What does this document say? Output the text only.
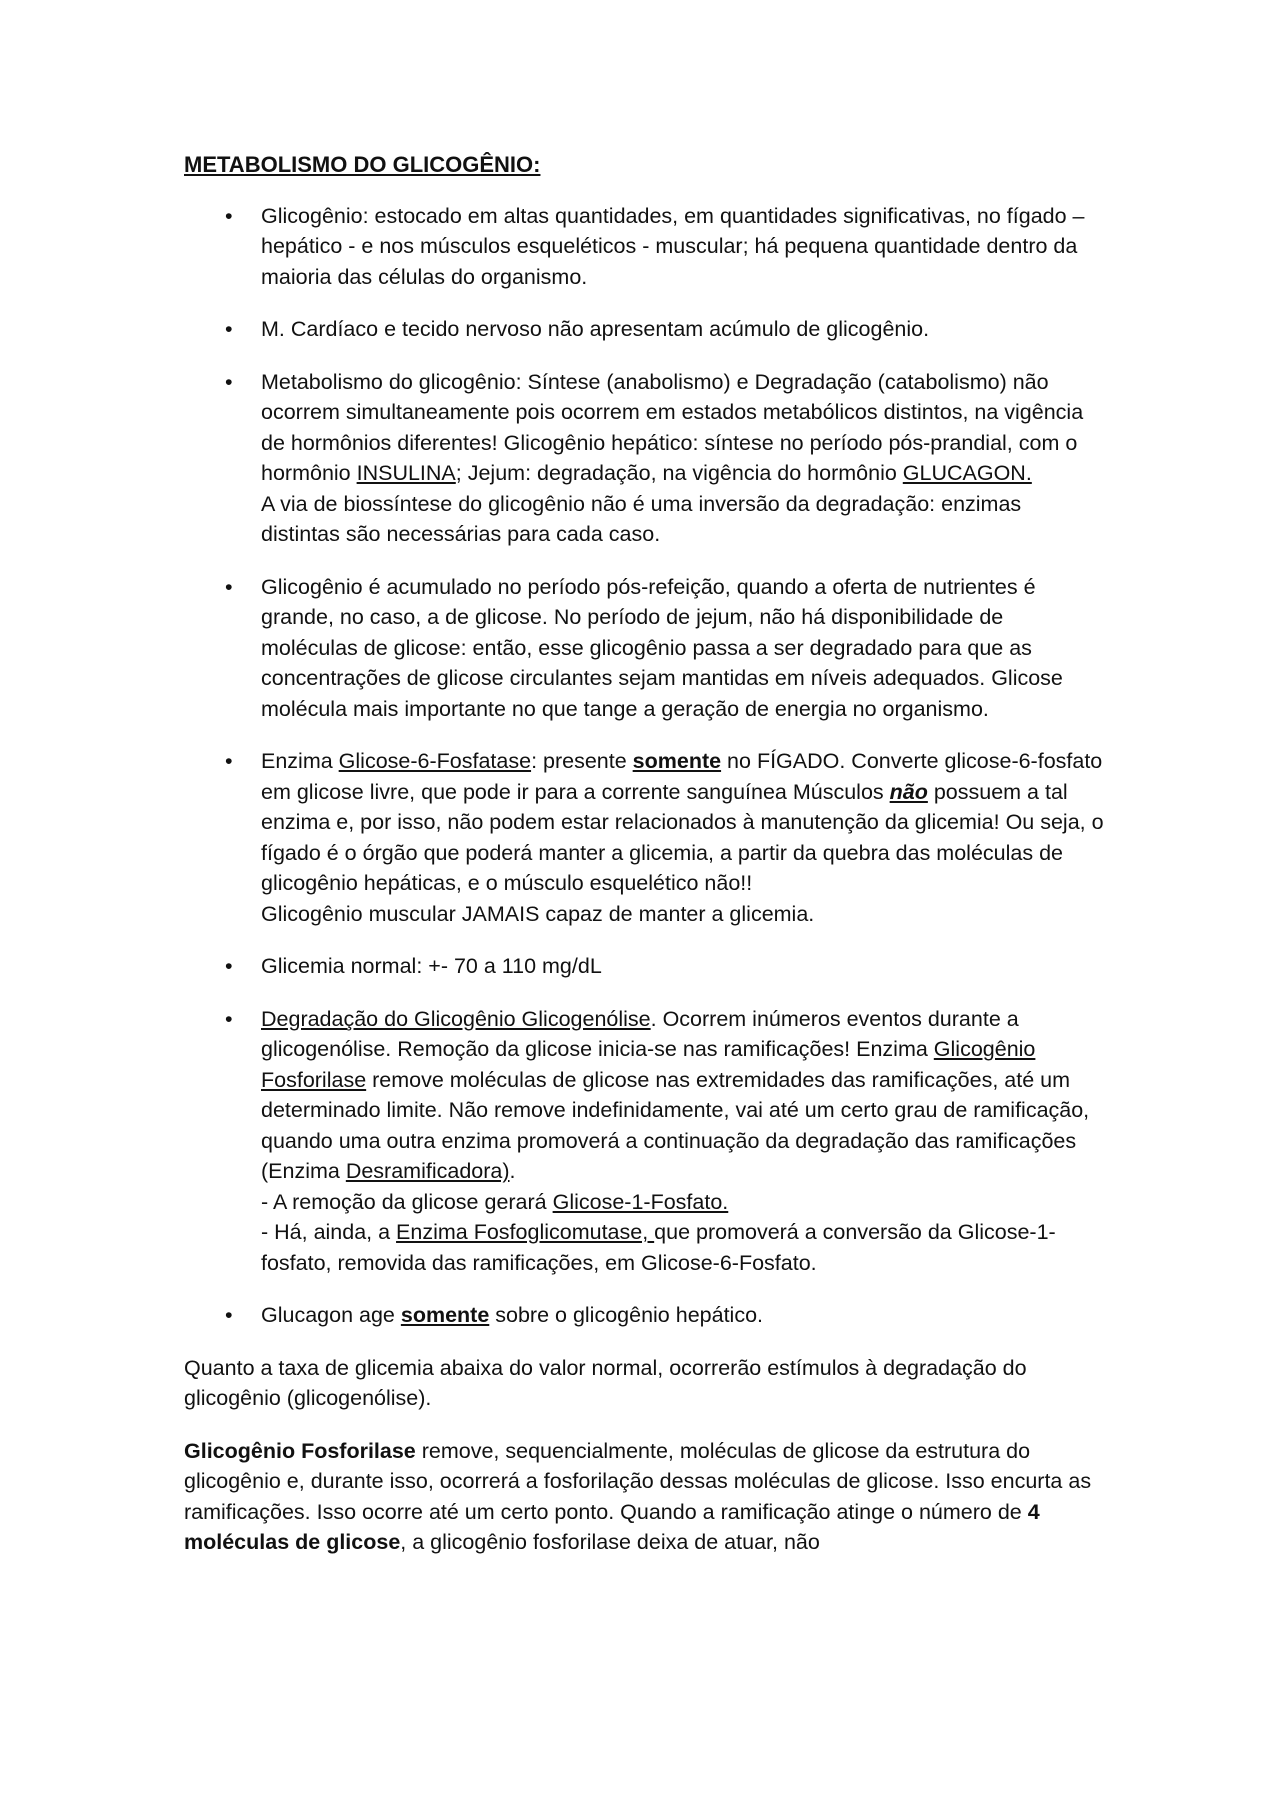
METABOLISMO DO GLICOGÊNIO:
• Glicogênio: estocado em altas quantidades, em quantidades significativas, no fígado – hepático - e nos músculos esqueléticos - muscular; há pequena quantidade dentro da maioria das células do organismo.
• M. Cardíaco e tecido nervoso não apresentam acúmulo de glicogênio.
• Metabolismo do glicogênio: Síntese (anabolismo) e Degradação (catabolismo) não ocorrem simultaneamente pois ocorrem em estados metabólicos distintos, na vigência de hormônios diferentes! Glicogênio hepático: síntese no período pós-prandial, com o hormônio INSULINA; Jejum: degradação, na vigência do hormônio GLUCAGON.
A via de biossíntese do glicogênio não é uma inversão da degradação: enzimas distintas são necessárias para cada caso.
• Glicogênio é acumulado no período pós-refeição, quando a oferta de nutrientes é grande, no caso, a de glicose. No período de jejum, não há disponibilidade de moléculas de glicose: então, esse glicogênio passa a ser degradado para que as concentrações de glicose circulantes sejam mantidas em níveis adequados. Glicose molécula mais importante no que tange a geração de energia no organismo.
• Enzima Glicose-6-Fosfatase: presente somente no FÍGADO. Converte glicose-6-fosfato em glicose livre, que pode ir para a corrente sanguínea Músculos não possuem a tal enzima e, por isso, não podem estar relacionados à manutenção da glicemia! Ou seja, o fígado é o órgão que poderá manter a glicemia, a partir da quebra das moléculas de glicogênio hepáticas, e o músculo esquelético não!!
Glicogênio muscular JAMAIS capaz de manter a glicemia.
• Glicemia normal: +- 70 a 110 mg/dL
• Degradação do Glicogênio Glicogenólise. Ocorrem inúmeros eventos durante a glicogenólise. Remoção da glicose inicia-se nas ramificações! Enzima Glicogênio Fosforilase remove moléculas de glicose nas extremidades das ramificações, até um determinado limite. Não remove indefinidamente, vai até um certo grau de ramificação, quando uma outra enzima promoverá a continuação da degradação das ramificações (Enzima Desramificadora).
- A remoção da glicose gerará Glicose-1-Fosfato.
- Há, ainda, a Enzima Fosfoglicomutase, que promoverá a conversão da Glicose-1-fosfato, removida das ramificações, em Glicose-6-Fosfato.
• Glucagon age somente sobre o glicogênio hepático.

Quanto a taxa de glicemia abaixa do valor normal, ocorrerão estímulos à degradação do glicogênio (glicogenólise).

Glicogênio Fosforilase remove, sequencialmente, moléculas de glicose da estrutura do glicogênio e, durante isso, ocorrerá a fosforilação dessas moléculas de glicose. Isso encurta as ramificações. Isso ocorre até um certo ponto. Quando a ramificação atinge o número de 4 moléculas de glicose, a glicogênio fosforilase deixa de atuar, não
